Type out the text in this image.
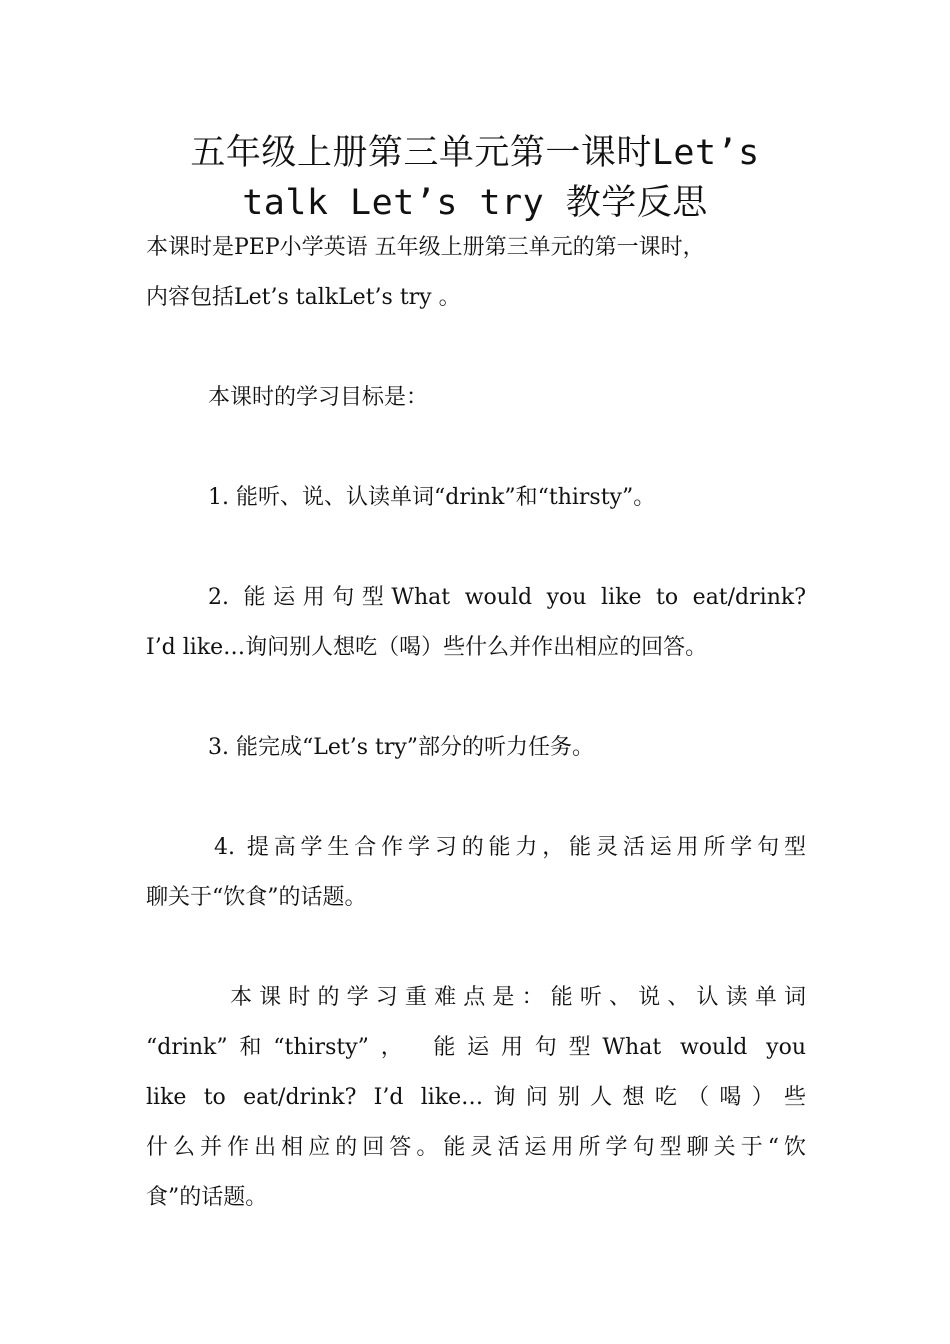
五年级上册第三单元第一课时Let’s
talk Let’s try 教学反思
本课时是PEP小学英语 五年级上册第三单元的第一课时，
内容包括Let’s talkLet’s try 。
本课时的学习目标是：
1. 能听、说、认读单词“drink”和“thirsty”。
2. 能运用句型What would you like to eat/drink?
I’d like…询问别人想吃（喝）些什么并作出相应的回答。
3. 能完成“Let’s try”部分的听力任务。
4. 提高学生合作学习的能力，能灵活运用所学句型
聊关于“饮食”的话题。
本课时的学习重难点是：能听、说、认读单词
“drink”和“thirsty”， 能运用句型What would you
like to eat/drink? I’d like…询问别人想吃（喝）些
什么并作出相应的回答。能灵活运用所学句型聊关于“饮
食”的话题。
